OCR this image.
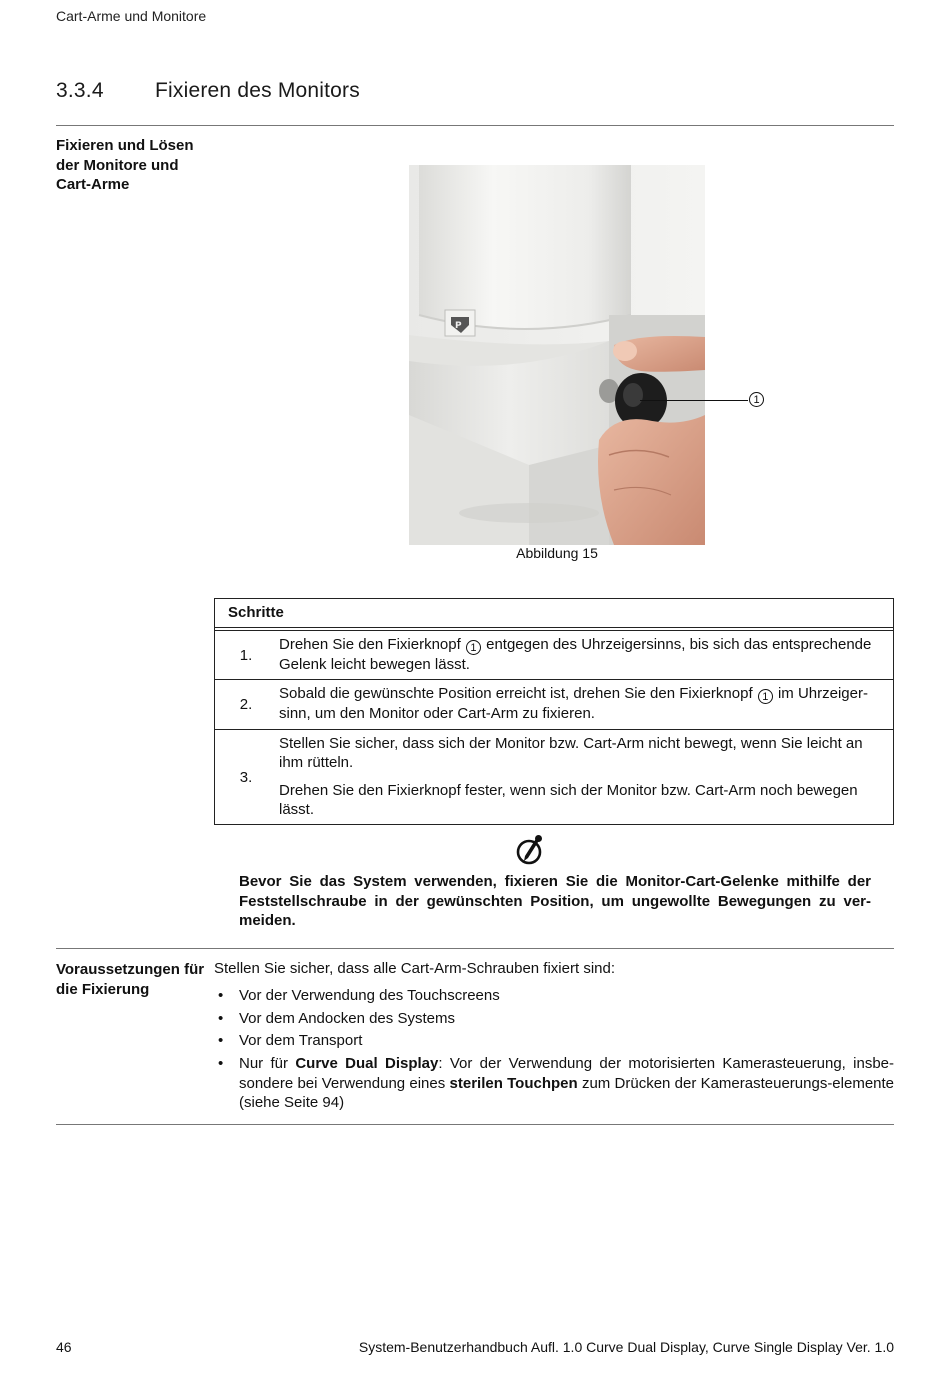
Cart-Arme und Monitore
3.3.4 Fixieren des Monitors
Fixieren und Lösen der Monitore und Cart-Arme
P
1
Abbildung 15
Schritte
1.
Drehen Sie den Fixierknopf 1 entgegen des Uhrzeigersinns, bis sich das entsprechende Gelenk leicht bewegen lässt.
2.
Sobald die gewünschte Position erreicht ist, drehen Sie den Fixierknopf 1 im Uhrzeiger-sinn, um den Monitor oder Cart-Arm zu fixieren.
3.

Stellen Sie sicher, dass sich der Monitor bzw. Cart-Arm nicht bewegt, wenn Sie leicht an ihm rütteln.

Drehen Sie den Fixierknopf fester, wenn sich der Monitor bzw. Cart-Arm noch bewegen lässt.

Bevor Sie das System verwenden, fixieren Sie die Monitor-Cart-Gelenke mithilfe der Feststellschraube in der gewünschten Position, um ungewollte Bewegungen zu ver-meiden.
Voraussetzungen für die Fixierung
Stellen Sie sicher, dass alle Cart-Arm-Schrauben fixiert sind:
• Vor der Verwendung des Touchscreens
• Vor dem Andocken des Systems
• Vor dem Transport
• Nur für Curve Dual Display: Vor der Verwendung der motorisierten Kamerasteuerung, insbe-sondere bei Verwendung eines sterilen Touchpen zum Drücken der Kamerasteuerungs-elemente (siehe Seite 94)
46	System-Benutzerhandbuch Aufl. 1.0 Curve Dual Display, Curve Single Display Ver. 1.0
